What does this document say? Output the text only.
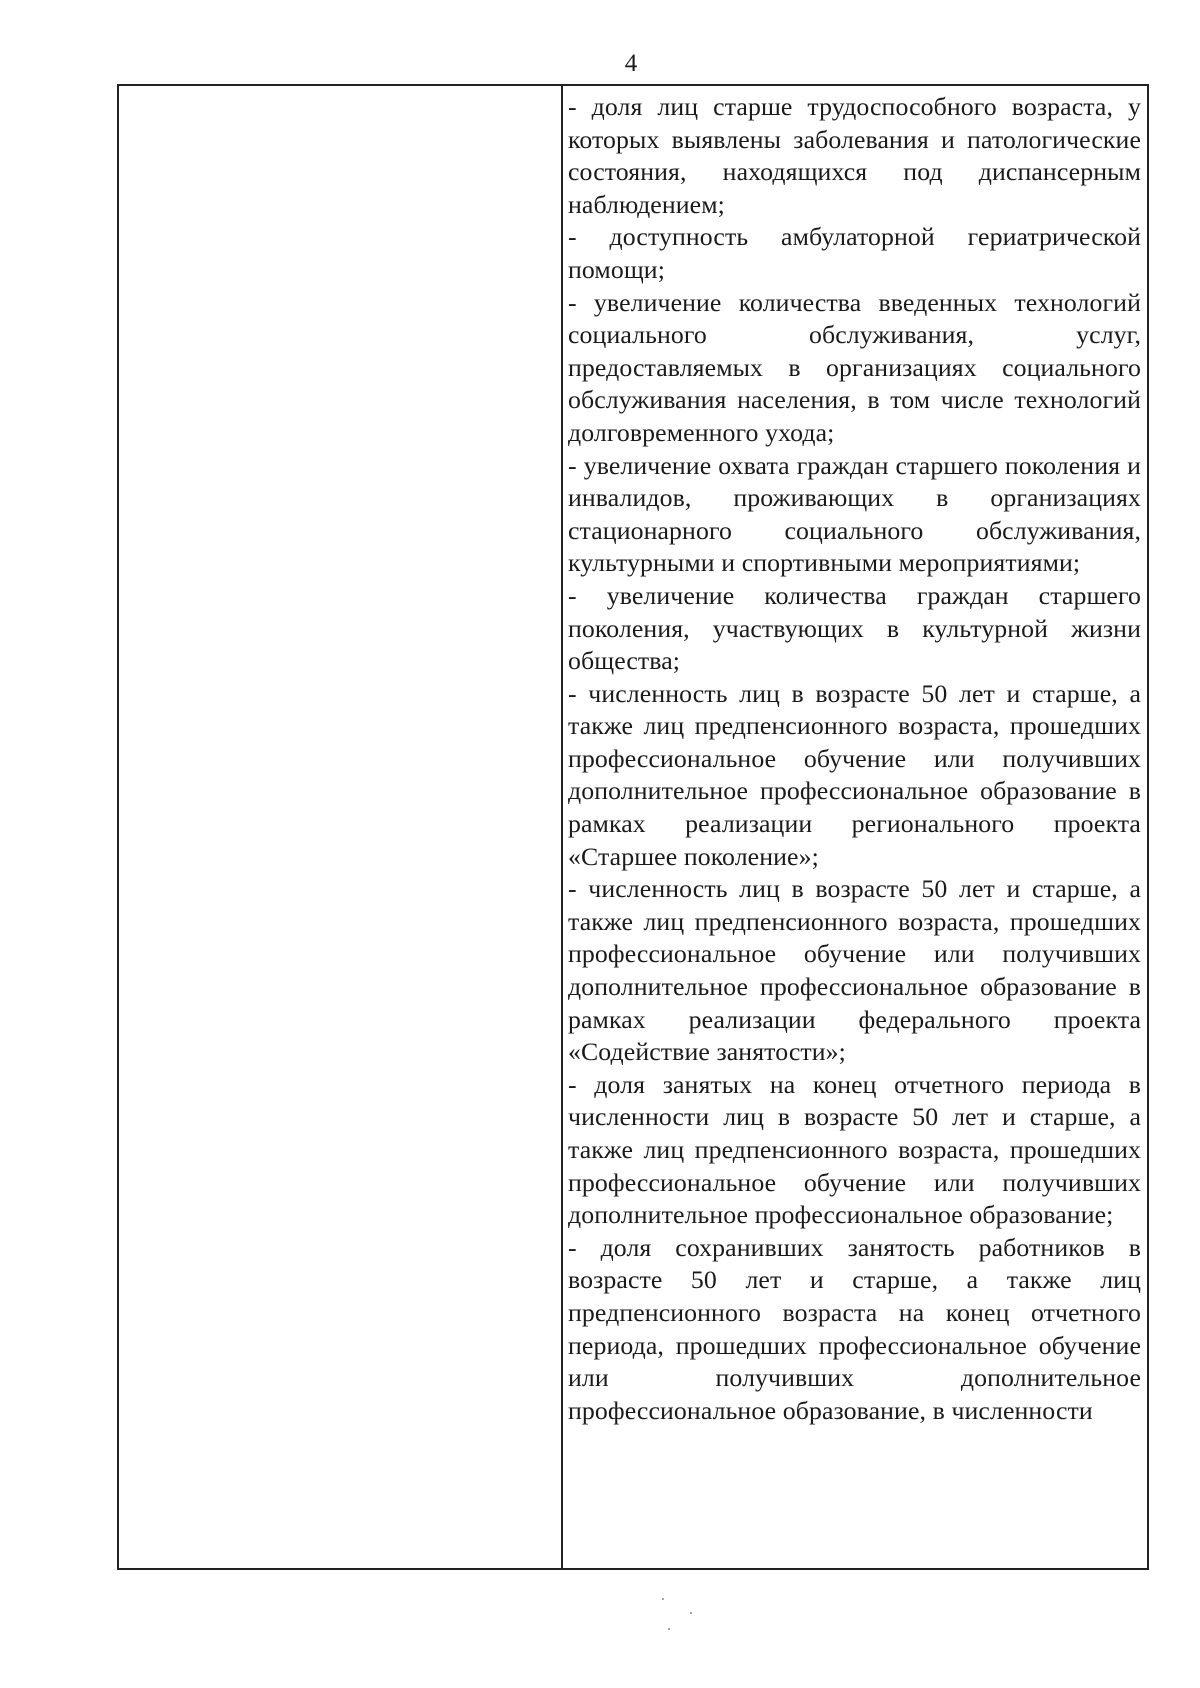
4

- доля лиц старше трудоспособного возраста, у которых выявлены заболевания и патологические состояния, находящихся под диспансерным наблюдением;

- доступность амбулаторной гериатрической помощи;

- увеличение количества введенных технологий социального обслуживания, услуг, предоставляемых в организациях социального обслуживания населения, в том числе технологий долговременного ухода;

- увеличение охвата граждан старшего поколения и инвалидов, проживающих в организациях стационарного социального обслуживания, культурными и спортивными мероприятиями;

- увеличение количества граждан старшего поколения, участвующих в культурной жизни общества;

- численность лиц в возрасте 50 лет и старше, а также лиц предпенсионного возраста, прошедших профессиональное обучение или получивших дополнительное профессиональное образование в рамках реализации регионального проекта «Старшее поколение»;

- численность лиц в возрасте 50 лет и старше, а также лиц предпенсионного возраста, прошедших профессиональное обучение или получивших дополнительное профессиональное образование в рамках реализации федерального проекта «Содействие занятости»;

- доля занятых на конец отчетного периода в численности лиц в возрасте 50 лет и старше, а также лиц предпенсионного возраста, прошедших профессиональное обучение или получивших дополнительное профессиональное образование;

- доля сохранивших занятость работников в возрасте 50 лет и старше, а также лиц предпенсионного возраста на конец отчетного периода, прошедших профессиональное обучение или получивших дополнительное профессиональное образование, в численности
